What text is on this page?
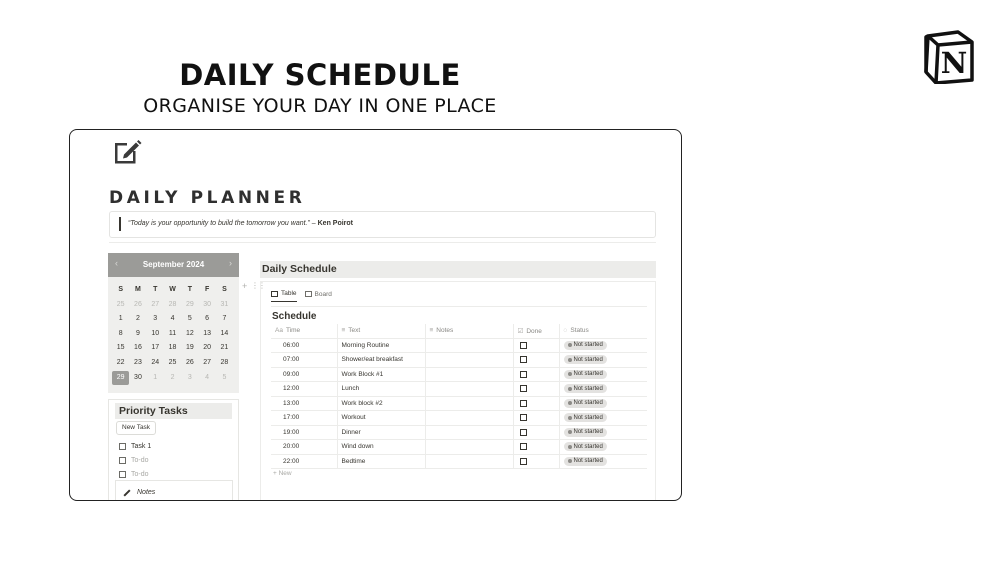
DAILY SCHEDULE
ORGANISE YOUR DAY IN ONE PLACE
N
DAILY PLANNER
“Today is your opportunity to build the tomorrow you want.” – Ken Poirot
‹	September 2024	›
S	M	T	W	T	F	S
25	26	27	28	29	30	31
1	2	3	4	5	6	7
8	9	10	11	12	13	14
15	16	17	18	19	20	21
22	23	24	25	26	27	28
29	30	1	2	3	4	5
+ ⋮⋮
Priority Tasks
New Task
Task 1
To-do
To-do
Notes
Daily Schedule
Table	Board
Schedule
Aa Time	≡ Text	≡ Notes	☑ Done	◌ Status
06:00	Morning Routine			Not started

07:00	Shower/eat breakfast			Not started

09:00	Work Block #1			Not started

12:00	Lunch			Not started

13:00	Work block #2			Not started

17:00	Workout			Not started

19:00	Dinner			Not started

20:00	Wind down			Not started

22:00	Bedtime			Not started
+ New
